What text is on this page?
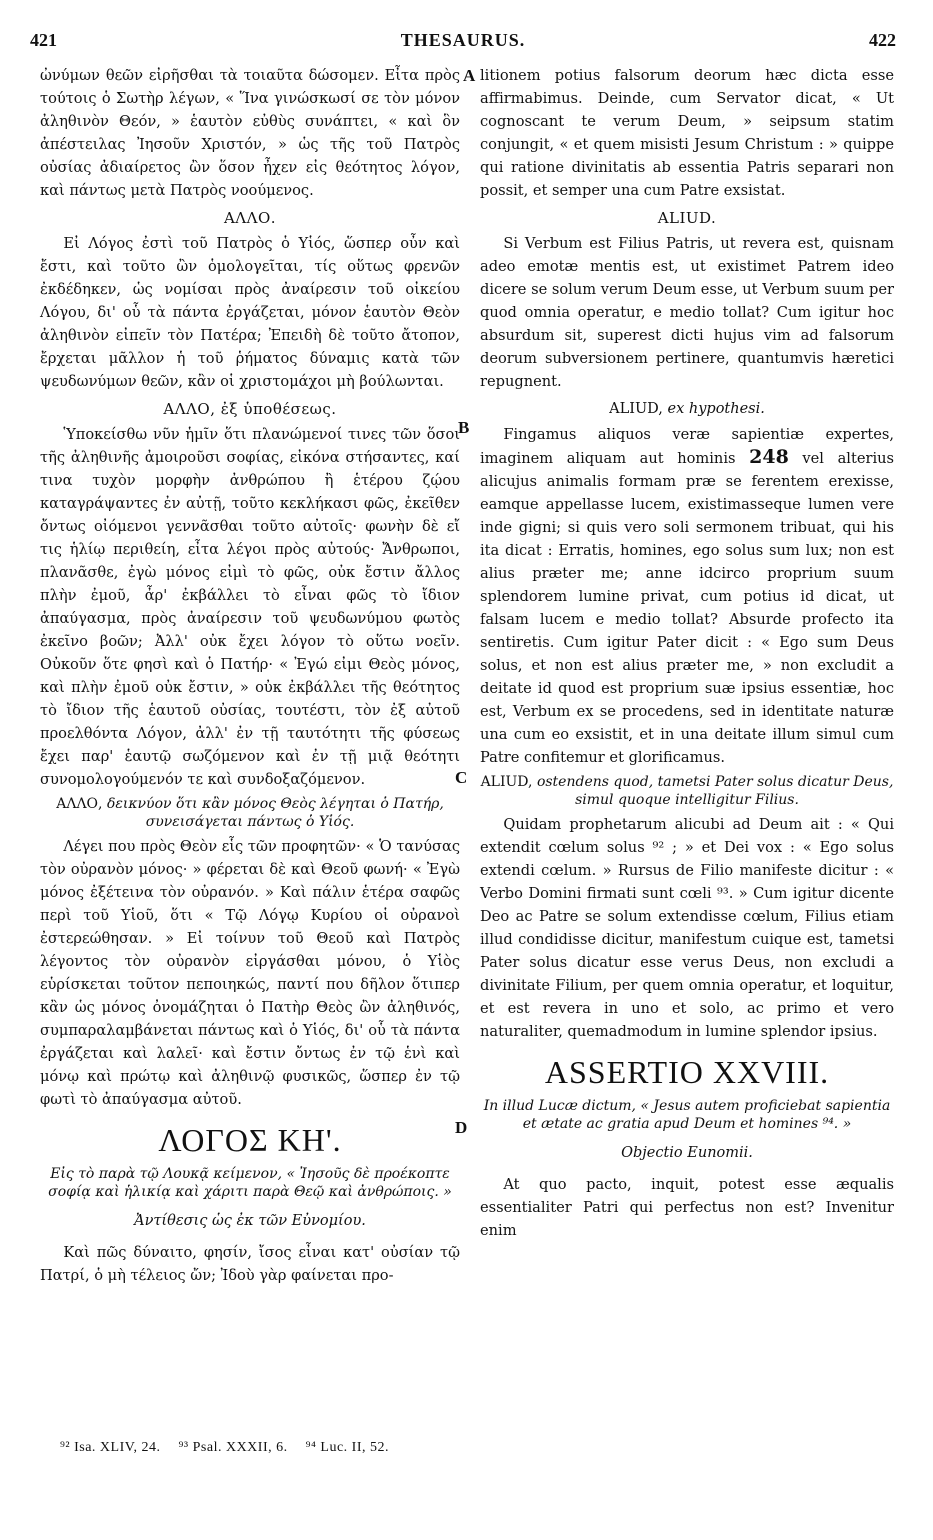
421	THESAURUS.	422
A
B
C
D

ὠνύμων θεῶν εἰρῆσθαι τὰ τοιαῦτα δώσομεν. Εἶτα πρὸς τούτοις ὁ Σωτὴρ λέγων, « Ἵνα γινώσκωσί σε τὸν μόνον ἀληθινὸν Θεόν, » ἑαυτὸν εὐθὺς συνάπτει, « καὶ ὃν ἀπέστειλας Ἰησοῦν Χριστόν, » ὡς τῆς τοῦ Πατρὸς οὐσίας ἀδιαίρετος ὢν ὅσον ἦχεν εἰς θεότητος λόγον, καὶ πάντως μετὰ Πατρὸς νοούμενος.

ΑΛΛΟ.

Εἰ Λόγος ἐστὶ τοῦ Πατρὸς ὁ Υἱός, ὥσπερ οὖν καὶ ἔστι, καὶ τοῦτο ὢν ὁμολογεῖται, τίς οὕτως φρενῶν ἐκδέδηκεν, ὡς νομίσαι πρὸς ἀναίρεσιν τοῦ οἰκείου Λόγου, δι' οὗ τὰ πάντα ἐργάζεται, μόνον ἑαυτὸν Θεὸν ἀληθινὸν εἰπεῖν τὸν Πατέρα; Ἐπειδὴ δὲ τοῦτο ἄτοπον, ἔρχεται μᾶλλον ἡ τοῦ ῥήματος δύναμις κατὰ τῶν ψευδωνύμων θεῶν, κἂν οἱ χριστομάχοι μὴ βούλωνται.

ΑΛΛΟ, ἐξ ὑποθέσεως.

Ὑποκείσθω νῦν ἡμῖν ὅτι πλανώμενοί τινες τῶν ὅσοι τῆς ἀληθινῆς ἀμοιροῦσι σοφίας, εἰκόνα στήσαντες, καί τινα τυχὸν μορφὴν ἀνθρώπου ἢ ἑτέρου ζῴου καταγράψαντες ἐν αὐτῇ, τοῦτο κεκλήκασι φῶς, ἐκεῖθεν ὄντως οἰόμενοι γεννᾶσθαι τοῦτο αὐτοῖς· φωνὴν δὲ εἴ τις ἡλίῳ περιθείη, εἶτα λέγοι πρὸς αὐτούς· Ἄνθρωποι, πλανᾶσθε, ἐγὼ μόνος εἰμὶ τὸ φῶς, οὐκ ἔστιν ἄλλος πλὴν ἐμοῦ, ἆρ' ἐκβάλλει τὸ εἶναι φῶς τὸ ἴδιον ἀπαύγασμα, πρὸς ἀναίρεσιν τοῦ ψευδωνύμου φωτὸς ἐκεῖνο βοῶν; Ἀλλ' οὐκ ἔχει λόγον τὸ οὕτω νοεῖν. Οὐκοῦν ὅτε φησὶ καὶ ὁ Πατήρ· « Ἐγώ εἰμι Θεὸς μόνος, καὶ πλὴν ἐμοῦ οὐκ ἔστιν, » οὐκ ἐκβάλλει τῆς θεότητος τὸ ἴδιον τῆς ἑαυτοῦ οὐσίας, τουτέστι, τὸν ἐξ αὐτοῦ προελθόντα Λόγον, ἀλλ' ἐν τῇ ταυτότητι τῆς φύσεως ἔχει παρ' ἑαυτῷ σωζόμενον καὶ ἐν τῇ μιᾷ θεότητι συνομολογούμενόν τε καὶ συνδοξαζόμενον.

ΑΛΛΟ, δεικνύον ὅτι κἂν μόνος Θεὸς λέγηται ὁ Πατήρ, συνεισάγεται πάντως ὁ Υἱός.

Λέγει που πρὸς Θεὸν εἷς τῶν προφητῶν· « Ὁ τανύσας τὸν οὐρανὸν μόνος· » φέρεται δὲ καὶ Θεοῦ φωνή· « Ἐγὼ μόνος ἐξέτεινα τὸν οὐρανόν. » Καὶ πάλιν ἑτέρα σαφῶς περὶ τοῦ Υἱοῦ, ὅτι « Τῷ Λόγῳ Κυρίου οἱ οὐρανοὶ ἐστερεώθησαν. » Εἰ τοίνυν τοῦ Θεοῦ καὶ Πατρὸς λέγοντος τὸν οὐρανὸν εἰργάσθαι μόνου, ὁ Υἱὸς εὑρίσκεται τοῦτον πεποιηκώς, παντί που δῆλον ὅτιπερ κἂν ὡς μόνος ὀνομάζηται ὁ Πατὴρ Θεὸς ὢν ἀληθινός, συμπαραλαμβάνεται πάντως καὶ ὁ Υἱός, δι' οὗ τὰ πάντα ἐργάζεται καὶ λαλεῖ· καὶ ἔστιν ὄντως ἐν τῷ ἑνὶ καὶ μόνῳ καὶ πρώτῳ καὶ ἀληθινῷ φυσικῶς, ὥσπερ ἐν τῷ φωτὶ τὸ ἀπαύγασμα αὐτοῦ.

ΛΟΓΟΣ ΚΗ'.
Εἰς τὸ παρὰ τῷ Λουκᾷ κείμενον, « Ἰησοῦς δὲ προέκοπτε σοφίᾳ καὶ ἡλικίᾳ καὶ χάριτι παρὰ Θεῷ καὶ ἀνθρώποις. »
Ἀντίθεσις ὡς ἐκ τῶν Εὐνομίου.

Καὶ πῶς δύναιτο, φησίν, ἴσος εἶναι κατ' οὐσίαν τῷ Πατρί, ὁ μὴ τέλειος ὤν; Ἰδοὺ γὰρ φαίνεται προ-

litionem potius falsorum deorum hæc dicta esse affirmabimus. Deinde, cum Servator dicat, « Ut cognoscant te verum Deum, » seipsum statim conjungit, « et quem misisti Jesum Christum : » quippe qui ratione divinitatis ab essentia Patris separari non possit, et semper una cum Patre exsistat.

ALIUD.

Si Verbum est Filius Patris, ut revera est, quisnam adeo emotæ mentis est, ut existimet Patrem ideo dicere se solum verum Deum esse, ut Verbum suum per quod omnia operatur, e medio tollat? Cum igitur hoc absurdum sit, superest dicti hujus vim ad falsorum deorum subversionem pertinere, quantumvis hæretici repugnent.

ALIUD, ex hypothesi.

Fingamus aliquos veræ sapientiæ expertes, imaginem aliquam aut hominis 248 vel alterius alicujus animalis formam præ se ferentem erexisse, eamque appellasse lucem, existimasseque lumen vere inde gigni; si quis vero soli sermonem tribuat, qui his ita dicat : Erratis, homines, ego solus sum lux; non est alius præter me; anne idcirco proprium suum splendorem lumine privat, cum potius id dicat, ut falsam lucem e medio tollat? Absurde profecto ita sentiretis. Cum igitur Pater dicit : « Ego sum Deus solus, et non est alius præter me, » non excludit a deitate id quod est proprium suæ ipsius essentiæ, hoc est, Verbum ex se procedens, sed in identitate naturæ una cum eo exsistit, et in una deitate illum simul cum Patre confitemur et glorificamus.

ALIUD, ostendens quod, tametsi Pater solus dicatur Deus, simul quoque intelligitur Filius.

Quidam prophetarum alicubi ad Deum ait : « Qui extendit cœlum solus ⁹² ; » et Dei vox : « Ego solus extendi cœlum. » Rursus de Filio manifeste dicitur : « Verbo Domini firmati sunt cœli ⁹³. » Cum igitur dicente Deo ac Patre se solum extendisse cœlum, Filius etiam illud condidisse dicitur, manifestum cuique est, tametsi Pater solus dicatur esse verus Deus, non excludi a divinitate Filium, per quem omnia operatur, et loquitur, et est revera in uno et solo, ac primo et vero naturaliter, quemadmodum in lumine splendor ipsius.

ASSERTIO XXVIII.
In illud Lucæ dictum, « Jesus autem proficiebat sapientia et ætate ac gratia apud Deum et homines ⁹⁴. »
Objectio Eunomii.

At quo pacto, inquit, potest esse æqualis essentialiter Patri qui perfectus non est? Invenitur enim

⁹² Isa. XLIV, 24. ⁹³ Psal. XXXII, 6. ⁹⁴ Luc. II, 52.
